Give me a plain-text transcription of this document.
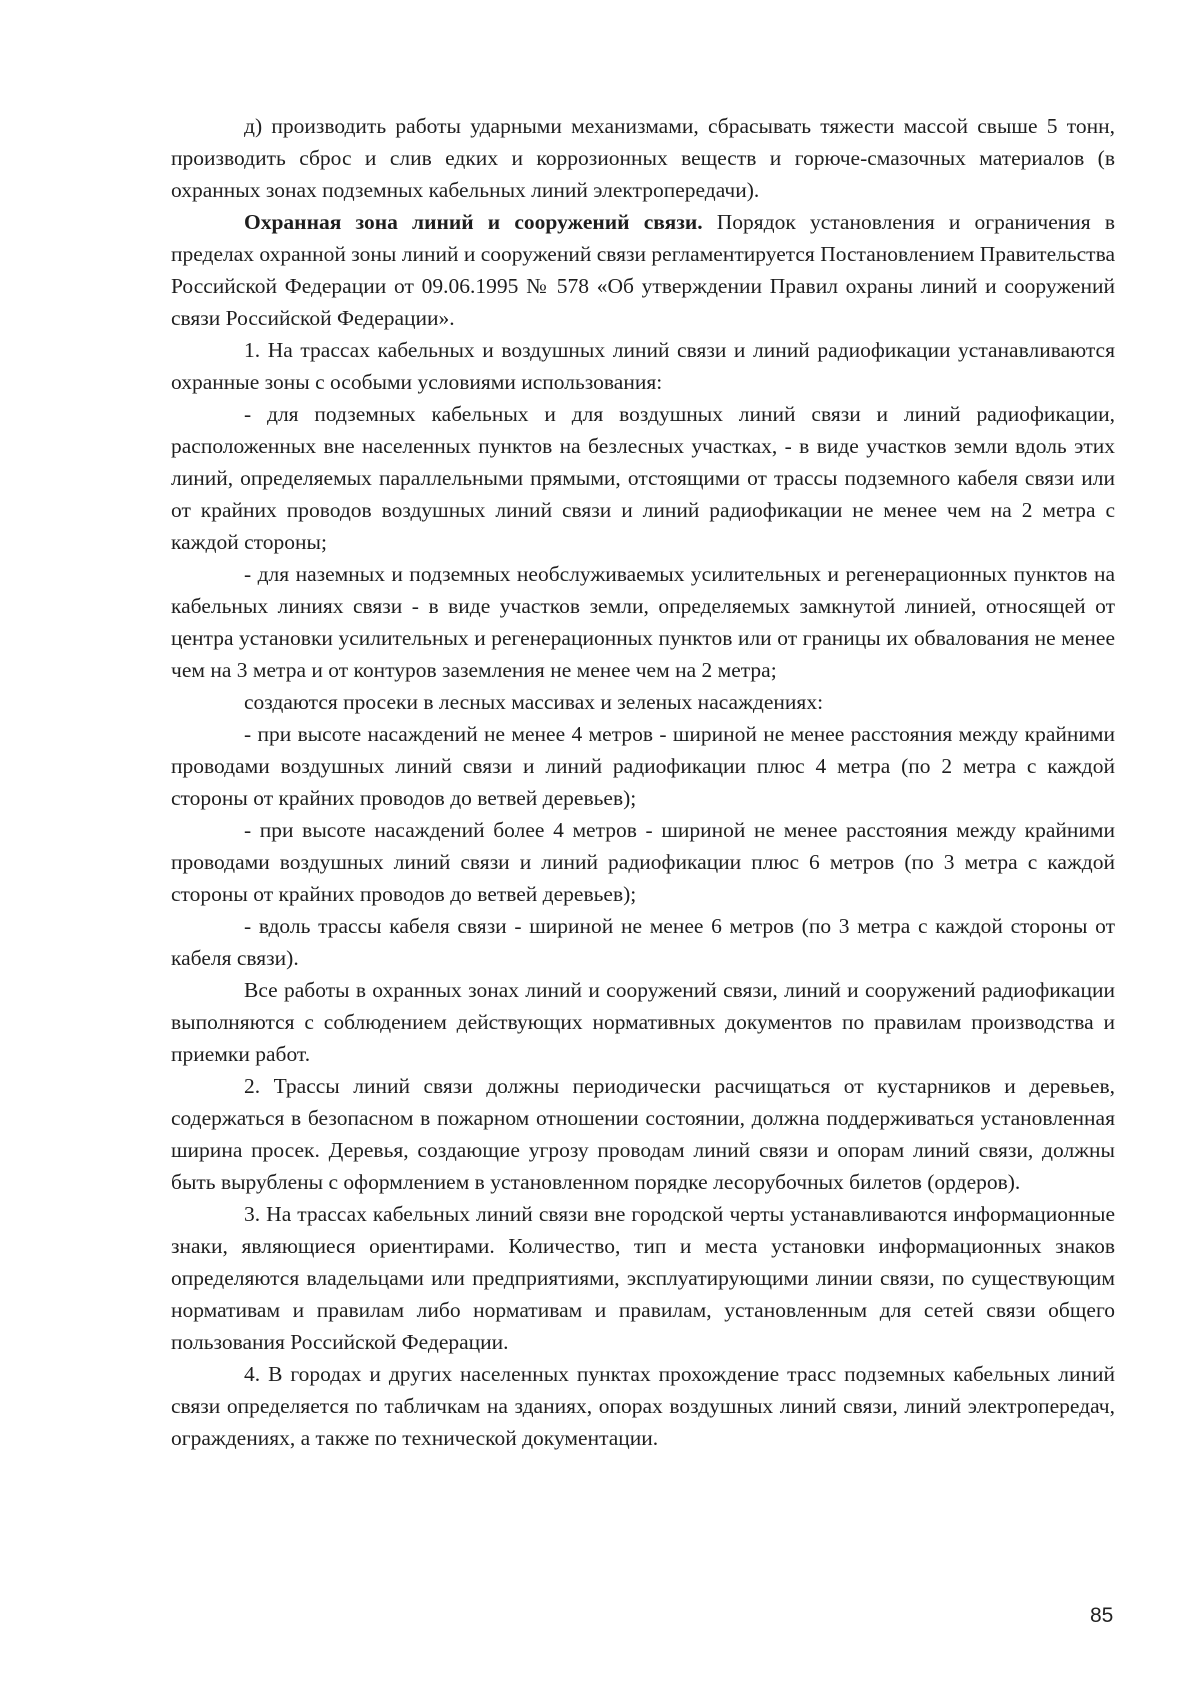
д) производить работы ударными механизмами, сбрасывать тяжести массой свыше 5 тонн, производить сброс и слив едких и коррозионных веществ и горюче-смазочных материалов (в охранных зонах подземных кабельных линий электропередачи).

Охранная зона линий и сооружений связи. Порядок установления и ограничения в пределах охранной зоны линий и сооружений связи регламентируется Постановлением Правительства Российской Федерации от 09.06.1995 № 578 «Об утверждении Правил охраны линий и сооружений связи Российской Федерации».

1. На трассах кабельных и воздушных линий связи и линий радиофикации устанавливаются охранные зоны с особыми условиями использования:

- для подземных кабельных и для воздушных линий связи и линий радиофикации, расположенных вне населенных пунктов на безлесных участках, - в виде участков земли вдоль этих линий, определяемых параллельными прямыми, отстоящими от трассы подземного кабеля связи или от крайних проводов воздушных линий связи и линий радиофикации не менее чем на 2 метра с каждой стороны;

- для наземных и подземных необслуживаемых усилительных и регенерационных пунктов на кабельных линиях связи - в виде участков земли, определяемых замкнутой линией, относящей от центра установки усилительных и регенерационных пунктов или от границы их обвалования не менее чем на 3 метра и от контуров заземления не менее чем на 2 метра;

создаются просеки в лесных массивах и зеленых насаждениях:

- при высоте насаждений не менее 4 метров - шириной не менее расстояния между крайними проводами воздушных линий связи и линий радиофикации плюс 4 метра (по 2 метра с каждой стороны от крайних проводов до ветвей деревьев);

- при высоте насаждений более 4 метров - шириной не менее расстояния между крайними проводами воздушных линий связи и линий радиофикации плюс 6 метров (по 3 метра с каждой стороны от крайних проводов до ветвей деревьев);

- вдоль трассы кабеля связи - шириной не менее 6 метров (по 3 метра с каждой стороны от кабеля связи).

Все работы в охранных зонах линий и сооружений связи, линий и сооружений радиофикации выполняются с соблюдением действующих нормативных документов по правилам производства и приемки работ.

2. Трассы линий связи должны периодически расчищаться от кустарников и деревьев, содержаться в безопасном в пожарном отношении состоянии, должна поддерживаться установленная ширина просек. Деревья, создающие угрозу проводам линий связи и опорам линий связи, должны быть вырублены с оформлением в установленном порядке лесорубочных билетов (ордеров).

3. На трассах кабельных линий связи вне городской черты устанавливаются информационные знаки, являющиеся ориентирами. Количество, тип и места установки информационных знаков определяются владельцами или предприятиями, эксплуатирующими линии связи, по существующим нормативам и правилам либо нормативам и правилам, установленным для сетей связи общего пользования Российской Федерации.

4. В городах и других населенных пунктах прохождение трасс подземных кабельных линий связи определяется по табличкам на зданиях, опорах воздушных линий связи, линий электропередач, ограждениях, а также по технической документации.

85
